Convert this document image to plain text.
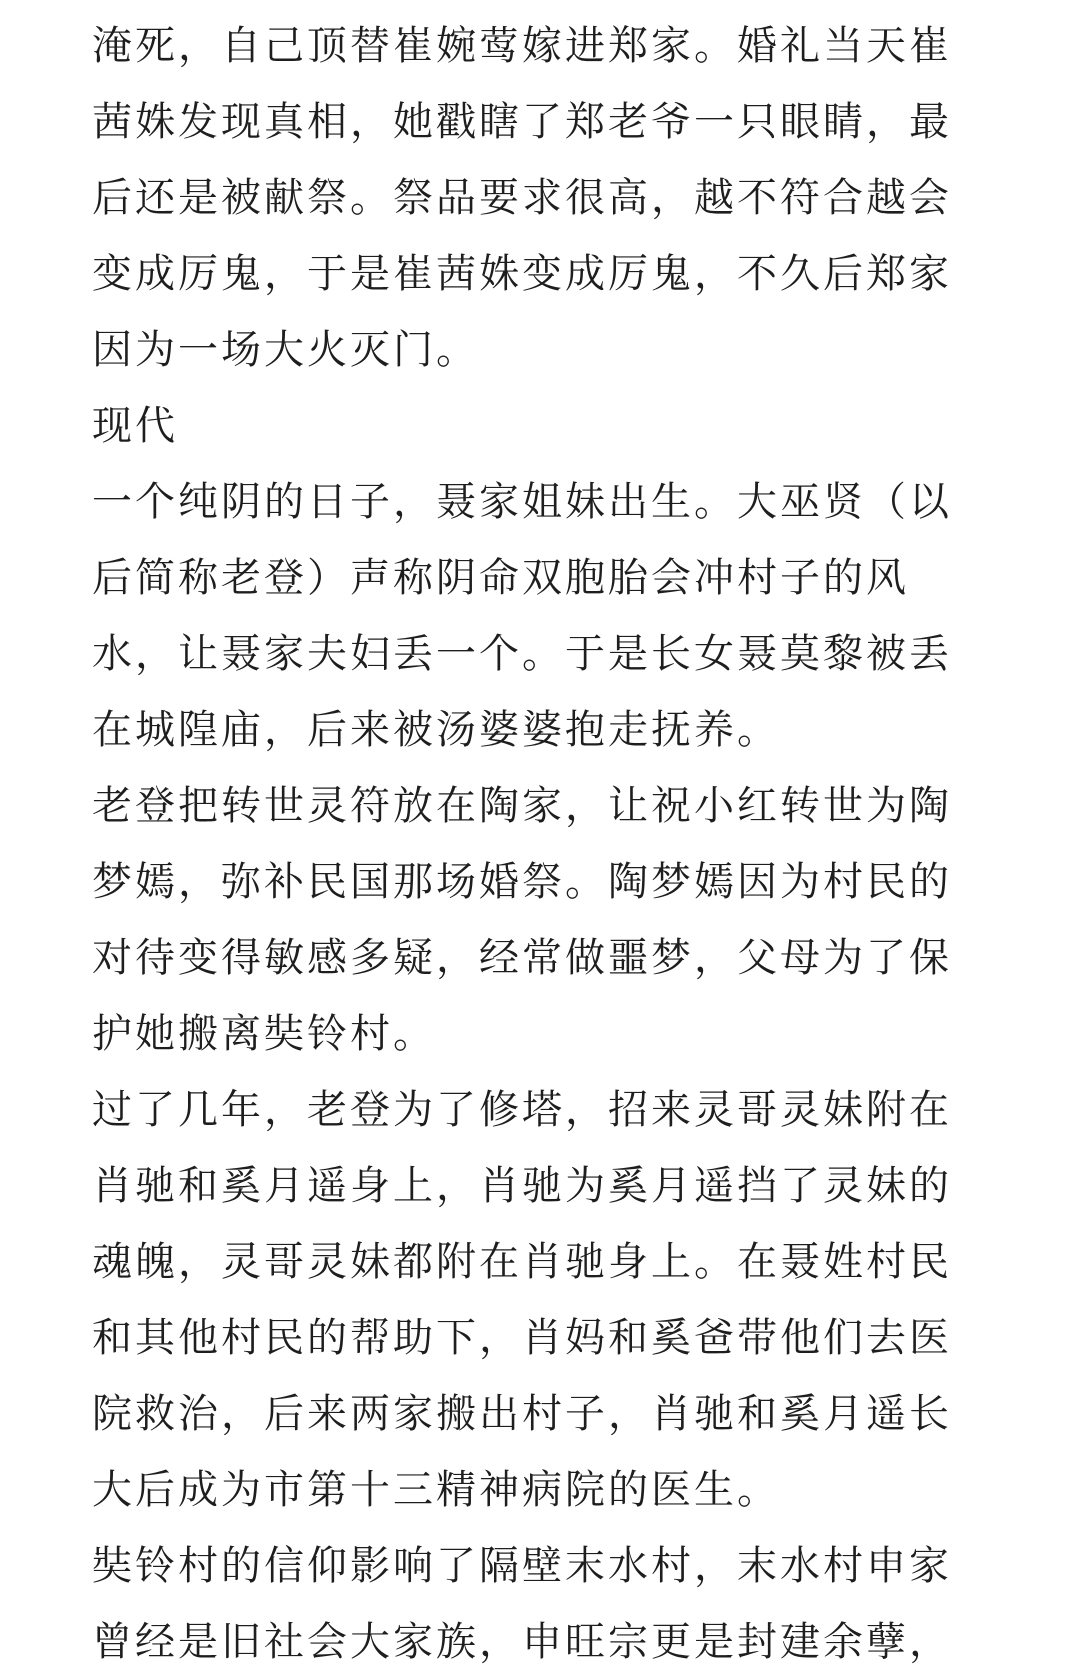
淹死，自己顶替崔婉莺嫁进郑家。婚礼当天崔
茜姝发现真相，她戳瞎了郑老爷一只眼睛，最
后还是被献祭。祭品要求很高，越不符合越会
变成厉鬼，于是崔茜姝变成厉鬼，不久后郑家
因为一场大火灭门。
现代
一个纯阴的日子，聂家姐妹出生。大巫贤（以
后简称老登）声称阴命双胞胎会冲村子的风
水，让聂家夫妇丢一个。于是长女聂莫黎被丢
在城隍庙，后来被汤婆婆抱走抚养。
老登把转世灵符放在陶家，让祝小红转世为陶
梦嫣，弥补民国那场婚祭。陶梦嫣因为村民的
对待变得敏感多疑，经常做噩梦，父母为了保
护她搬离奘铃村。
过了几年，老登为了修塔，招来灵哥灵妹附在
肖驰和奚月遥身上，肖驰为奚月遥挡了灵妹的
魂魄，灵哥灵妹都附在肖驰身上。在聂姓村民
和其他村民的帮助下，肖妈和奚爸带他们去医
院救治，后来两家搬出村子，肖驰和奚月遥长
大后成为市第十三精神病院的医生。
奘铃村的信仰影响了隔壁末水村，末水村申家
曾经是旧社会大家族，申旺宗更是封建余孽，
